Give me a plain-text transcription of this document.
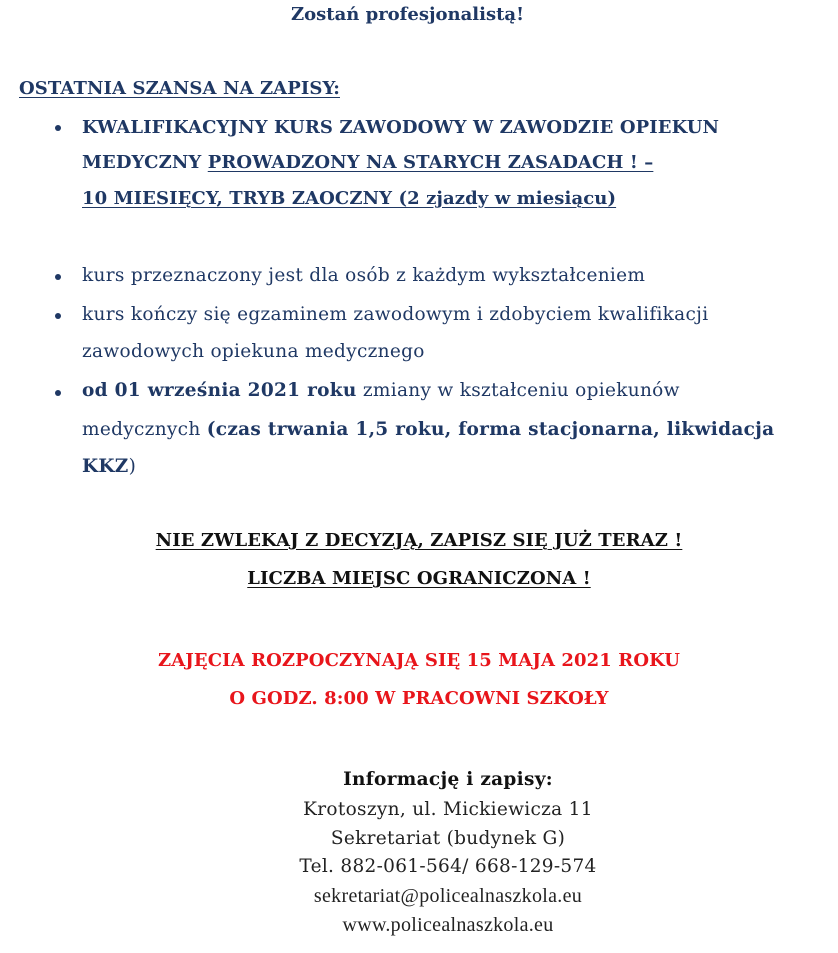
Zostań profesjonalistą!
OSTATNIA SZANSA NA ZAPISY:
KWALIFIKACYJNY KURS ZAWODOWY W ZAWODZIE OPIEKUN
MEDYCZNY PROWADZONY NA STARYCH ZASADACH ! –
10 MIESIĘCY, TRYB ZAOCZNY (2 zjazdy w miesiącu)
kurs przeznaczony jest dla osób z każdym wykształceniem
kurs kończy się egzaminem zawodowym i zdobyciem kwalifikacji
zawodowych opiekuna medycznego
od 01 września 2021 roku zmiany w kształceniu opiekunów
medycznych (czas trwania 1,5 roku, forma stacjonarna, likwidacja
KKZ)
NIE ZWLEKAJ Z DECYZJĄ, ZAPISZ SIĘ JUŻ TERAZ !
LICZBA MIEJSC OGRANICZONA !
ZAJĘCIA ROZPOCZYNAJĄ SIĘ 15 MAJA 2021 ROKU
O GODZ. 8:00 W PRACOWNI SZKOŁY
Informację i zapisy:
Krotoszyn, ul. Mickiewicza 11
Sekretariat (budynek G)
Tel. 882-061-564/ 668-129-574
sekretariat@policealnaszkola.eu
www.policealnaszkola.eu
